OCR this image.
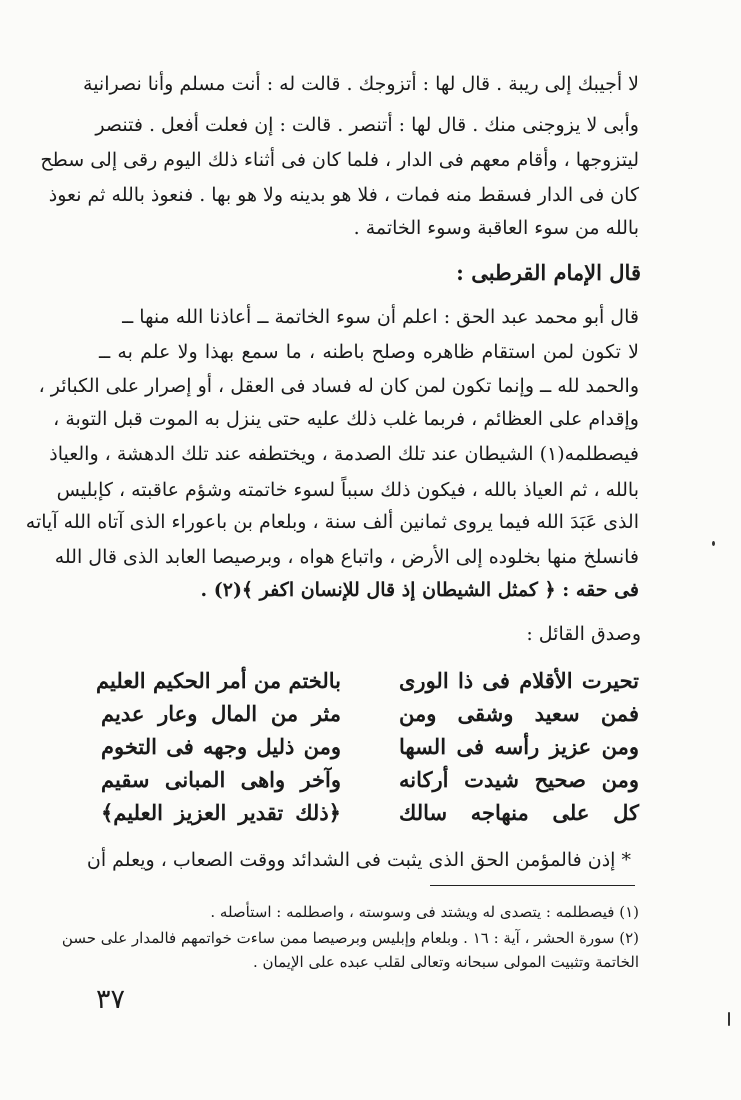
لا أجيبك إلى ريبة . قال لها : أتزوجك . قالت له : أنت مسلم وأنا نصرانية
وأبى لا يزوجنى منك . قال لها : أتنصر . قالت : إن فعلت أفعل . فتنصر
ليتزوجها ، وأقام معهم فى الدار ، فلما كان فى أثناء ذلك اليوم رقى إلى سطح
كان فى الدار فسقط منه فمات ، فلا هو بدينه ولا هو بها . فنعوذ بالله ثم نعوذ
بالله من سوء العاقبة وسوء الخاتمة .
قال الإمام القرطبى :
قال أبو محمد عبد الحق : اعلم أن سوء الخاتمة ــ أعاذنا الله منها ــ
لا تكون لمن استقام ظاهره وصلح باطنه ، ما سمع بهذا ولا علم به ــ
والحمد لله ــ وإنما تكون لمن كان له فساد فى العقل ، أو إصرار على الكبائر ،
وإقدام على العظائم ، فربما غلب ذلك عليه حتى ينزل به الموت قبل التوبة ،
فيصطلمه(١) الشيطان عند تلك الصدمة ، ويختطفه عند تلك الدهشة ، والعياذ
بالله ، ثم العياذ بالله ، فيكون ذلك سبباً لسوء خاتمته وشؤم عاقبته ، كإبليس
الذى عَبَدَ الله فيما يروى ثمانين ألف سنة ، وبلعام بن باعوراء الذى آتاه الله آياته
فانسلخ منها بخلوده إلى الأرض ، واتباع هواه ، وبرصيصا العابد الذى قال الله
فى حقه : ﴿ كمثل الشيطان إذ قال للإنسان اكفر ﴾(٢) .
وصدق القائل :
تحيرت الأقلام فى ذا الورى
بالختم من أمر الحكيم العليم
فمن سعيد وشقى ومن
مثر من المال وعار عديم
ومن عزيز رأسه فى السها
ومن ذليل وجهه فى التخوم
ومن صحيح شيدت أركانه
وآخر واهى المبانى سقيم
كل على منهاجه سالك
﴿ذلك تقدير العزيز العليم﴾
* إذن فالمؤمن الحق الذى يثبت فى الشدائد ووقت الصعاب ، ويعلم أن
(١) فيصطلمه : يتصدى له ويشتد فى وسوسته ، واصطلمه : استأصله .
(٢) سورة الحشر ، آية : ١٦ . وبلعام وإبليس وبرصيصا ممن ساءت خواتمهم فالمدار على حسن
الخاتمة وتثبيت المولى سبحانه وتعالى لقلب عبده على الإيمان .
٣٧
